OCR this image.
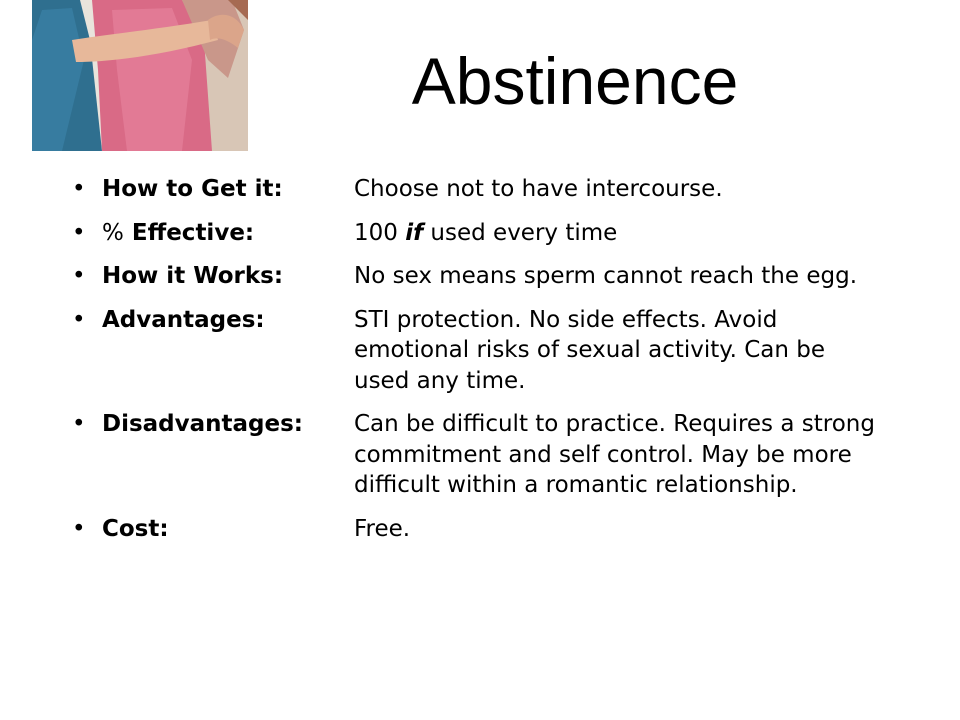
Abstinence
• How to Get it:	Choose not to have intercourse.
• % Effective:	100 if used every time
• How it Works:	No sex means sperm cannot reach the egg.
• Advantages:	STI protection. No side effects. Avoid emotional risks of sexual activity. Can be used any time.
• Disadvantages:	Can be difficult to practice. Requires a strong commitment and self control. May be more difficult within a romantic relationship.
• Cost:	Free.
